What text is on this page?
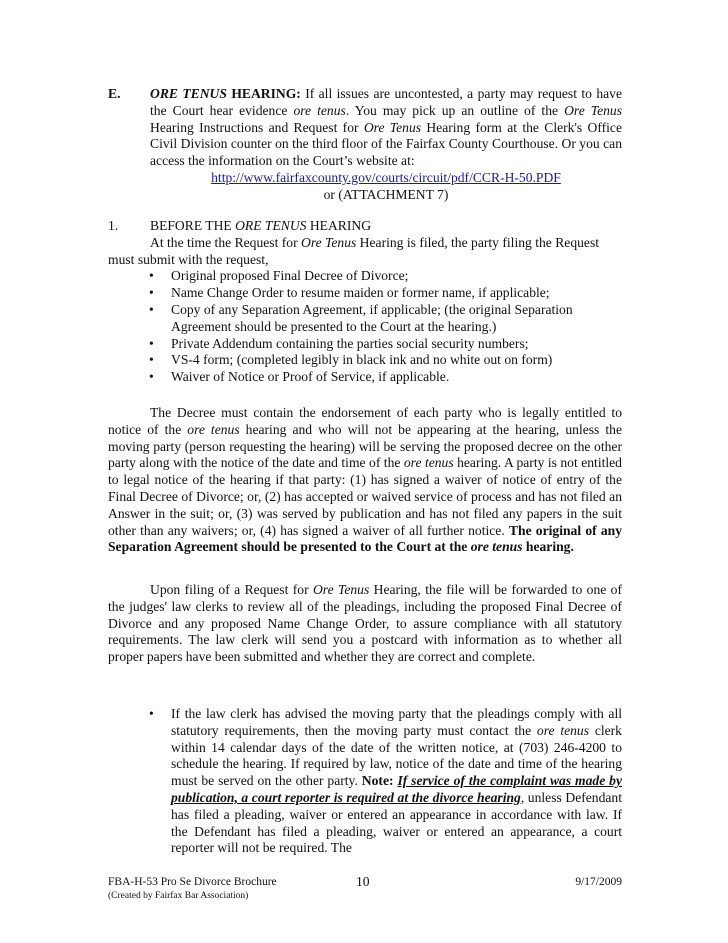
E. ORE TENUS HEARING: If all issues are uncontested, a party may request to have the Court hear evidence ore tenus. You may pick up an outline of the Ore Tenus Hearing Instructions and Request for Ore Tenus Hearing form at the Clerk's Office Civil Division counter on the third floor of the Fairfax County Courthouse. Or you can access the information on the Court’s website at:
http://www.fairfaxcounty.gov/courts/circuit/pdf/CCR-H-50.PDF
or (ATTACHMENT 7)
1. BEFORE THE ORE TENUS HEARING
At the time the Request for Ore Tenus Hearing is filed, the party filing the Request must submit with the request,
• Original proposed Final Decree of Divorce;
• Name Change Order to resume maiden or former name, if applicable;
• Copy of any Separation Agreement, if applicable; (the original Separation Agreement should be presented to the Court at the hearing.)
• Private Addendum containing the parties social security numbers;
• VS-4 form; (completed legibly in black ink and no white out on form)
• Waiver of Notice or Proof of Service, if applicable.

The Decree must contain the endorsement of each party who is legally entitled to notice of the ore tenus hearing and who will not be appearing at the hearing, unless the moving party (person requesting the hearing) will be serving the proposed decree on the other party along with the notice of the date and time of the ore tenus hearing. A party is not entitled to legal notice of the hearing if that party: (1) has signed a waiver of notice of entry of the Final Decree of Divorce; or, (2) has accepted or waived service of process and has not filed an Answer in the suit; or, (3) was served by publication and has not filed any papers in the suit other than any waivers; or, (4) has signed a waiver of all further notice. The original of any Separation Agreement should be presented to the Court at the ore tenus hearing.

Upon filing of a Request for Ore Tenus Hearing, the file will be forwarded to one of the judges' law clerks to review all of the pleadings, including the proposed Final Decree of Divorce and any proposed Name Change Order, to assure compliance with all statutory requirements. The law clerk will send you a postcard with information as to whether all proper papers have been submitted and whether they are correct and complete.

• If the law clerk has advised the moving party that the pleadings comply with all statutory requirements, then the moving party must contact the ore tenus clerk within 14 calendar days of the date of the written notice, at (703) 246-4200 to schedule the hearing. If required by law, notice of the date and time of the hearing must be served on the other party. Note: If service of the complaint was made by publication, a court reporter is required at the divorce hearing, unless Defendant has filed a pleading, waiver or entered an appearance in accordance with law. If the Defendant has filed a pleading, waiver or entered an appearance, a court reporter will not be required. The
FBA-H-53 Pro Se Divorce Brochure	10	9/17/2009
(Created by Fairfax Bar Association)
